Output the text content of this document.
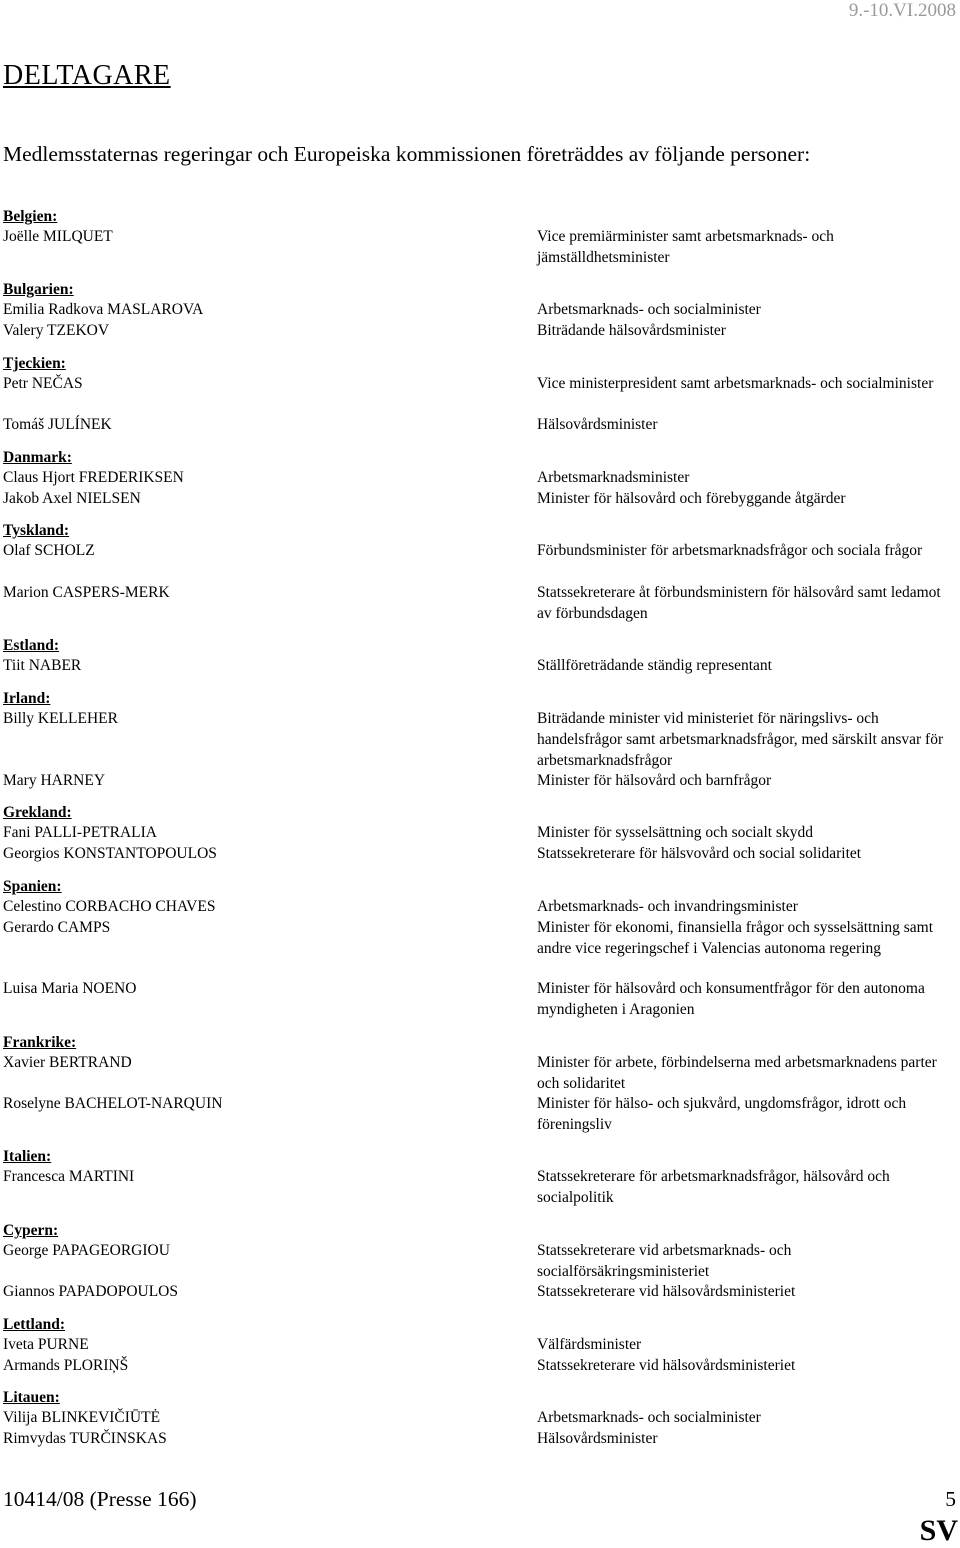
9.-10.VI.2008
DELTAGARE
Medlemsstaternas regeringar och Europeiska kommissionen företräddes av följande personer:
Belgien:
Joëlle MILQUET	Vice premiärminister samt arbetsmarknads- och jämställdhetsminister
Bulgarien:
Emilia Radkova MASLAROVA	Arbetsmarknads- och socialminister
Valery TZEKOV	Biträdande hälsovårdsminister
Tjeckien:
Petr NEČAS	Vice ministerpresident samt arbetsmarknads- och socialminister
Tomáš JULÍNEK	Hälsovårdsminister
Danmark:
Claus Hjort FREDERIKSEN	Arbetsmarknadsminister
Jakob Axel NIELSEN	Minister för hälsovård och förebyggande åtgärder
Tyskland:
Olaf SCHOLZ	Förbundsminister för arbetsmarknadsfrågor och sociala frågor
Marion CASPERS-MERK	Statssekreterare åt förbundsministern för hälsovård samt ledamot av förbundsdagen
Estland:
Tiit NABER	Ställföreträdande ständig representant
Irland:
Billy KELLEHER	Biträdande minister vid ministeriet för näringslivs- och handelsfrågor samt arbetsmarknadsfrågor, med särskilt ansvar för arbetsmarknadsfrågor
Mary HARNEY	Minister för hälsovård och barnfrågor
Grekland:
Fani PALLI-PETRALIA	Minister för sysselsättning och socialt skydd
Georgios KONSTANTOPOULOS	Statssekreterare för hälsvovård och social solidaritet
Spanien:
Celestino CORBACHO CHAVES	Arbetsmarknads- och invandringsminister
Gerardo CAMPS	Minister för ekonomi, finansiella frågor och sysselsättning samt andre vice regeringschef i Valencias autonoma regering
Luisa Maria NOENO	Minister för hälsovård och konsumentfrågor för den autonoma myndigheten i Aragonien
Frankrike:
Xavier BERTRAND	Minister för arbete, förbindelserna med arbetsmarknadens parter och solidaritet
Roselyne BACHELOT-NARQUIN	Minister för hälso- och sjukvård, ungdomsfrågor, idrott och föreningsliv
Italien:
Francesca MARTINI	Statssekreterare för arbetsmarknadsfrågor, hälsovård och socialpolitik
Cypern:
George PAPAGEORGIOU	Statssekreterare vid arbetsmarknads- och socialförsäkringsministeriet
Giannos PAPADOPOULOS	Statssekreterare vid hälsovårdsministeriet
Lettland:
Iveta PURNE	Välfärdsminister
Armands PLORIŅŠ	Statssekreterare vid hälsovårdsministeriet
Litauen:
Vilija BLINKEVIČIŪTĖ	Arbetsmarknads- och socialminister
Rimvydas TURČINSKAS	Hälsovårdsminister
10414/08 (Presse 166)	5
SV
